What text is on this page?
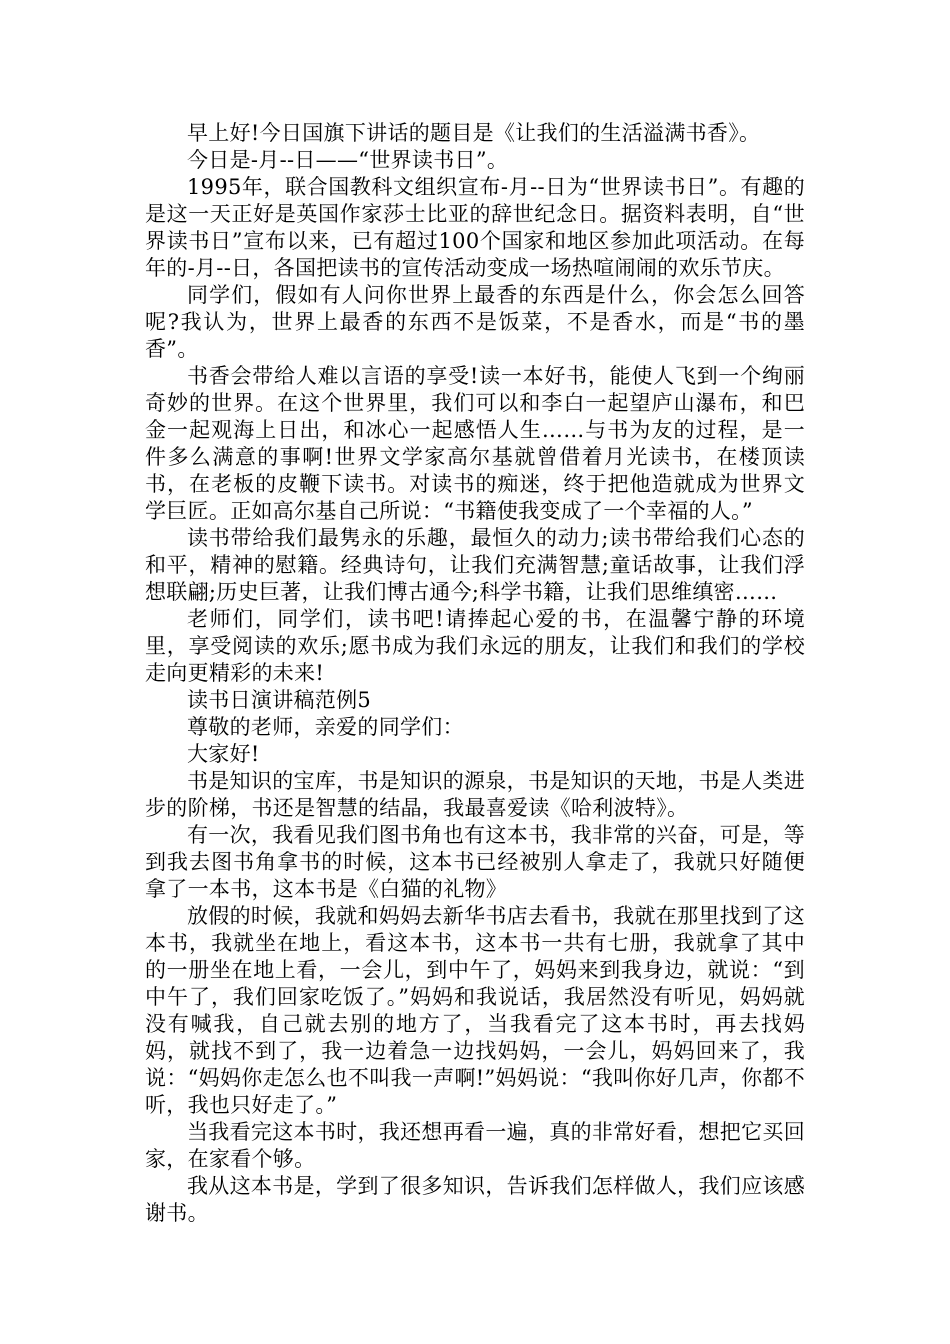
早上好!今日国旗下讲话的题目是《让我们的生活溢满书香》。

今日是-月--日——“世界读书日”。

1995年，联合国教科文组织宣布-月--日为“世界读书日”。有趣的是这一天正好是英国作家莎士比亚的辞世纪念日。据资料表明，自“世界读书日”宣布以来，已有超过100个国家和地区参加此项活动。在每年的-月--日，各国把读书的宣传活动变成一场热喧闹闹的欢乐节庆。

同学们，假如有人问你世界上最香的东西是什么，你会怎么回答呢?我认为，世界上最香的东西不是饭菜，不是香水，而是“书的墨香”。

书香会带给人难以言语的享受!读一本好书，能使人飞到一个绚丽奇妙的世界。在这个世界里，我们可以和李白一起望庐山瀑布，和巴金一起观海上日出，和冰心一起感悟人生……与书为友的过程，是一件多么满意的事啊!世界文学家高尔基就曾借着月光读书，在楼顶读书，在老板的皮鞭下读书。对读书的痴迷，终于把他造就成为世界文学巨匠。正如高尔基自己所说：“书籍使我变成了一个幸福的人。”

读书带给我们最隽永的乐趣，最恒久的动力;读书带给我们心态的和平，精神的慰籍。经典诗句，让我们充满智慧;童话故事，让我们浮想联翩;历史巨著，让我们博古通今;科学书籍，让我们思维缜密……

老师们，同学们，读书吧!请捧起心爱的书，在温馨宁静的环境里，享受阅读的欢乐;愿书成为我们永远的朋友，让我们和我们的学校走向更精彩的未来!

读书日演讲稿范例5

尊敬的老师，亲爱的同学们：

大家好!

书是知识的宝库，书是知识的源泉，书是知识的天地，书是人类进步的阶梯，书还是智慧的结晶，我最喜爱读《哈利波特》。

有一次，我看见我们图书角也有这本书，我非常的兴奋，可是，等到我去图书角拿书的时候，这本书已经被别人拿走了，我就只好随便拿了一本书，这本书是《白猫的礼物》

放假的时候，我就和妈妈去新华书店去看书，我就在那里找到了这本书，我就坐在地上，看这本书，这本书一共有七册，我就拿了其中的一册坐在地上看，一会儿，到中午了，妈妈来到我身边，就说：“到中午了，我们回家吃饭了。”妈妈和我说话，我居然没有听见，妈妈就没有喊我，自己就去别的地方了，当我看完了这本书时，再去找妈妈，就找不到了，我一边着急一边找妈妈，一会儿，妈妈回来了，我说：“妈妈你走怎么也不叫我一声啊!”妈妈说：“我叫你好几声，你都不听，我也只好走了。”

当我看完这本书时，我还想再看一遍，真的非常好看，想把它买回家，在家看个够。

我从这本书是，学到了很多知识，告诉我们怎样做人，我们应该感谢书。
